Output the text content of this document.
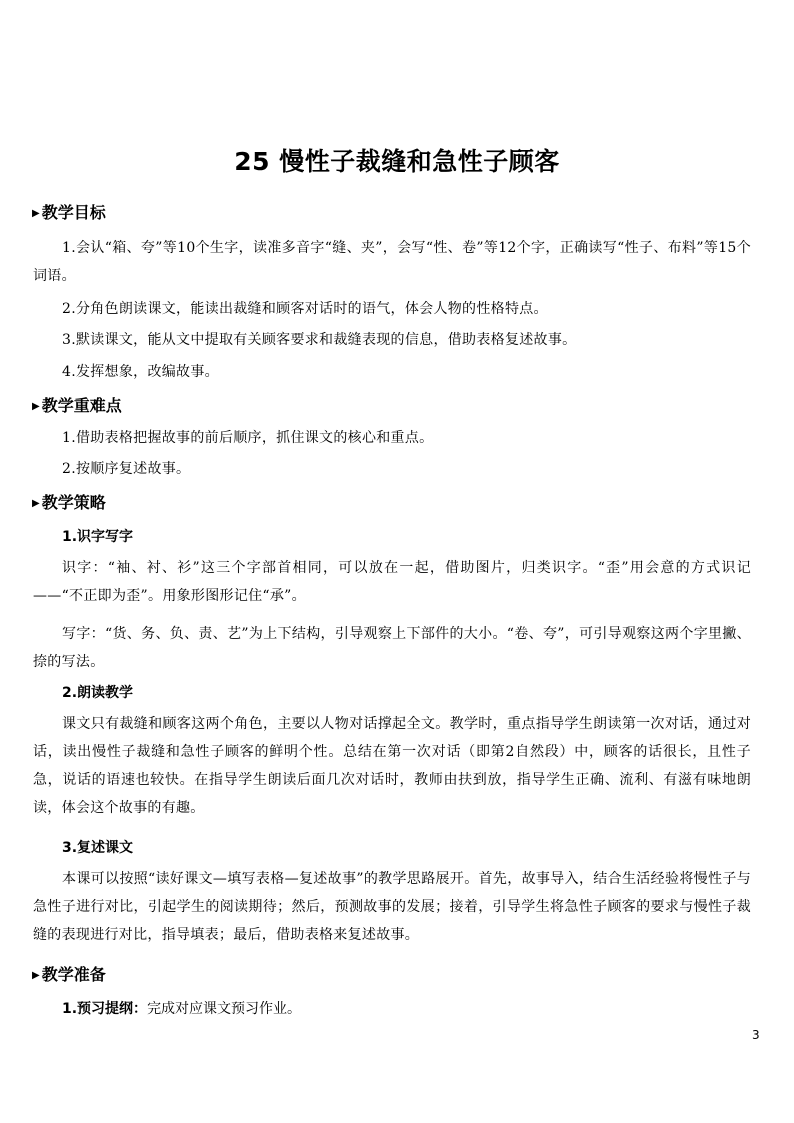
25 慢性子裁缝和急性子顾客
▶ 教学目标

1.会认“箱、夸”等10个生字，读准多音字“缝、夹”，会写“性、卷”等12个字，正确读写“性子、布料”等15个词语。

2.分角色朗读课文，能读出裁缝和顾客对话时的语气，体会人物的性格特点。
3.默读课文，能从文中提取有关顾客要求和裁缝表现的信息，借助表格复述故事。
4.发挥想象，改编故事。
▶ 教学重难点
1.借助表格把握故事的前后顺序，抓住课文的核心和重点。
2.按顺序复述故事。
▶ 教学策略
1.识字写字

识字：“袖、衬、衫”这三个字部首相同，可以放在一起，借助图片，归类识字。“歪”用会意的方式识记——“不正即为歪”。用象形图形记住“承”。

写字：“货、务、负、责、艺”为上下结构，引导观察上下部件的大小。“卷、夸”，可引导观察这两个字里撇、捺的写法。

2.朗读教学

课文只有裁缝和顾客这两个角色，主要以人物对话撑起全文。教学时，重点指导学生朗读第一次对话，通过对话，读出慢性子裁缝和急性子顾客的鲜明个性。总结在第一次对话（即第2自然段）中，顾客的话很长，且性子急，说话的语速也较快。在指导学生朗读后面几次对话时，教师由扶到放，指导学生正确、流利、有滋有味地朗读，体会这个故事的有趣。

3.复述课文

本课可以按照“读好课文—填写表格—复述故事”的教学思路展开。首先，故事导入，结合生活经验将慢性子与急性子进行对比，引起学生的阅读期待；然后，预测故事的发展；接着，引导学生将急性子顾客的要求与慢性子裁缝的表现进行对比，指导填表；最后，借助表格来复述故事。

▶ 教学准备
1.预习提纲：完成对应课文预习作业。
3
